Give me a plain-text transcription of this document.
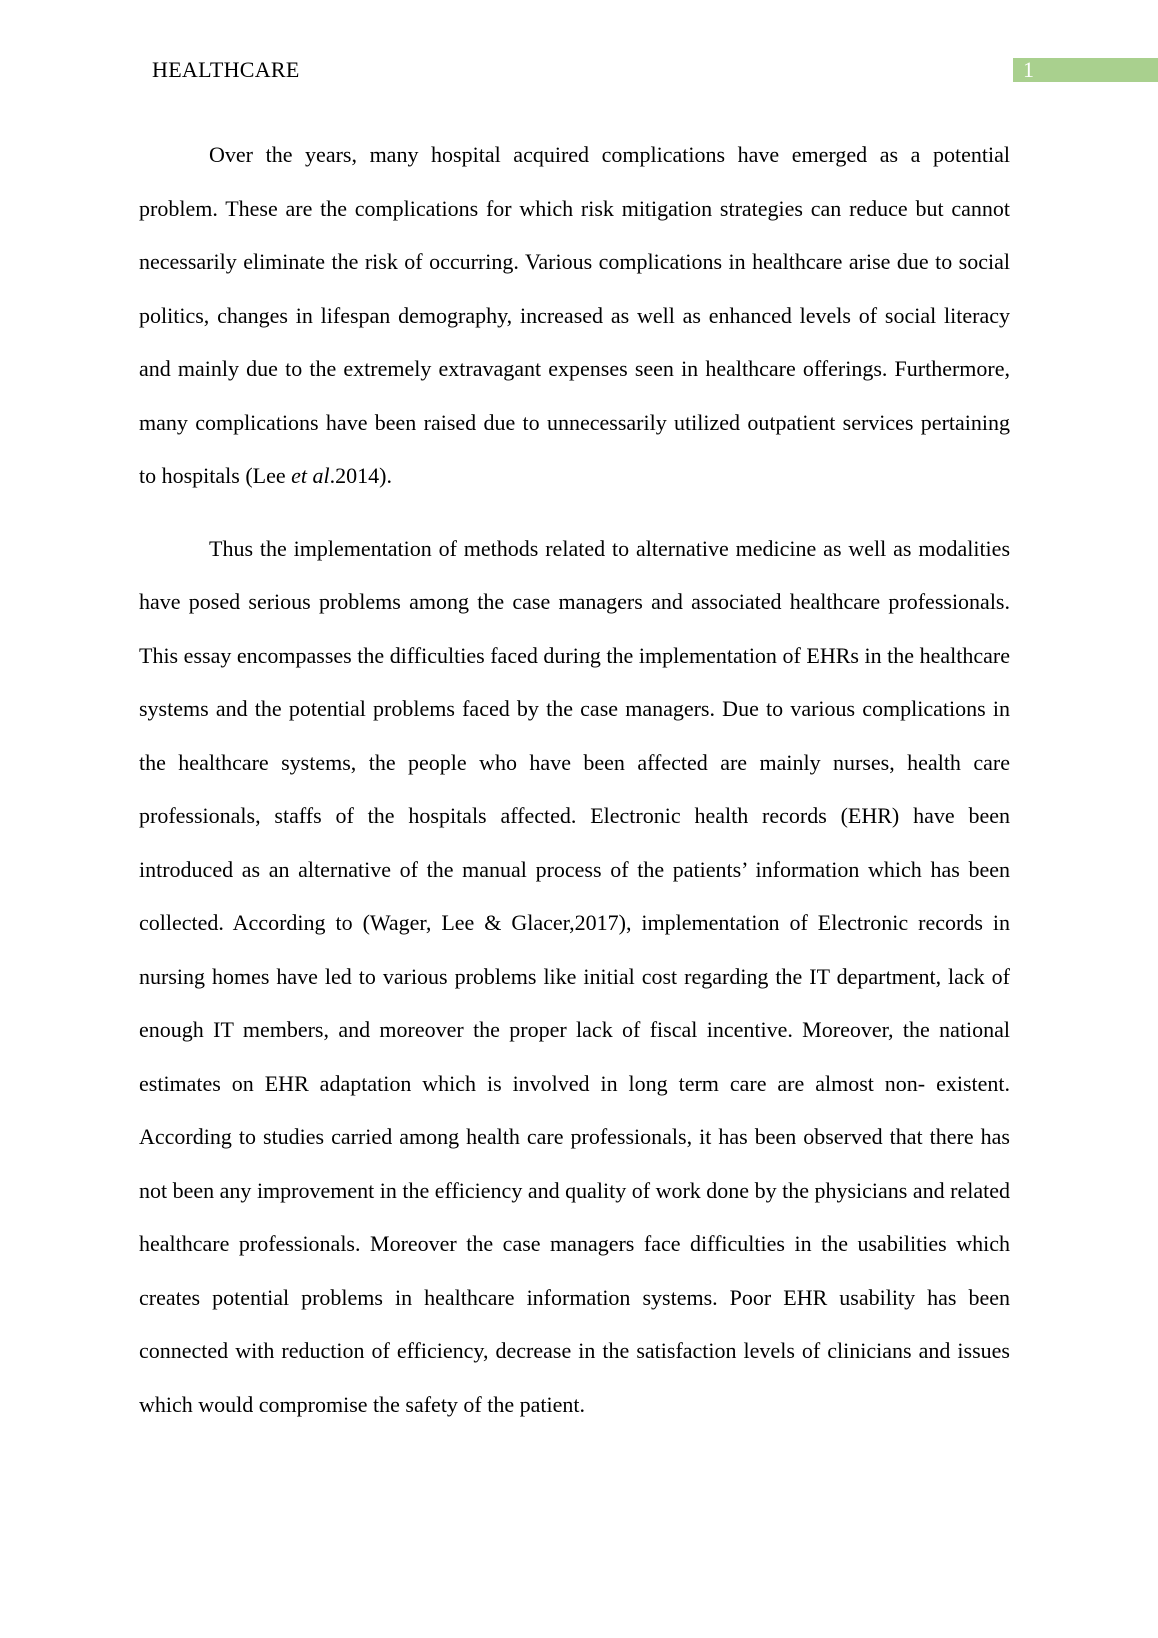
HEALTHCARE	1

Over the years, many hospital acquired complications have emerged as a potential problem. These are the complications for which risk mitigation strategies can reduce but cannot necessarily eliminate the risk of occurring. Various complications in healthcare arise due to social politics, changes in lifespan demography, increased as well as enhanced levels of social literacy and mainly due to the extremely extravagant expenses seen in healthcare offerings. Furthermore, many complications have been raised due to unnecessarily utilized outpatient services pertaining to hospitals (Lee et al.2014).

Thus the implementation of methods related to alternative medicine as well as modalities have posed serious problems among the case managers and associated healthcare professionals. This essay encompasses the difficulties faced during the implementation of EHRs in the healthcare systems and the potential problems faced by the case managers. Due to various complications in the healthcare systems, the people who have been affected are mainly nurses, health care professionals, staffs of the hospitals affected. Electronic health records (EHR) have been introduced as an alternative of the manual process of the patients’ information which has been collected. According to (Wager, Lee & Glacer,2017), implementation of Electronic records in nursing homes have led to various problems like initial cost regarding the IT department, lack of enough IT members, and moreover the proper lack of fiscal incentive. Moreover, the national estimates on EHR adaptation which is involved in long term care are almost non- existent. According to studies carried among health care professionals, it has been observed that there has not been any improvement in the efficiency and quality of work done by the physicians and related healthcare professionals. Moreover the case managers face difficulties in the usabilities which creates potential problems in healthcare information systems. Poor EHR usability has been connected with reduction of efficiency, decrease in the satisfaction levels of clinicians and issues which would compromise the safety of the patient.
